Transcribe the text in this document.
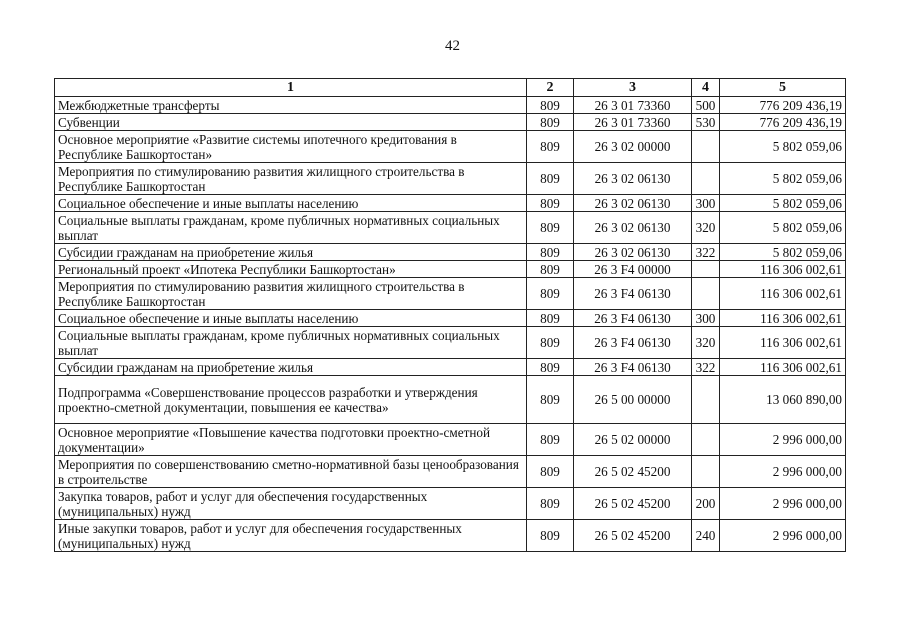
42
1	2	3	4	5
Межбюджетные трансферты	809	26 3 01 73360	500	776 209 436,19
Субвенции	809	26 3 01 73360	530	776 209 436,19
Основное мероприятие «Развитие системы ипотечного кредитования в Республике Башкортостан»	809	26 3 02 00000		5 802 059,06
Мероприятия по стимулированию развития жилищного строительства в Республике Башкортостан	809	26 3 02 06130		5 802 059,06
Социальное обеспечение и иные выплаты населению	809	26 3 02 06130	300	5 802 059,06
Социальные выплаты гражданам, кроме публичных нормативных социальных выплат	809	26 3 02 06130	320	5 802 059,06
Субсидии гражданам на приобретение жилья	809	26 3 02 06130	322	5 802 059,06
Региональный проект «Ипотека Республики Башкортостан»	809	26 3 F4 00000		116 306 002,61
Мероприятия по стимулированию развития жилищного строительства в Республике Башкортостан	809	26 3 F4 06130		116 306 002,61
Социальное обеспечение и иные выплаты населению	809	26 3 F4 06130	300	116 306 002,61
Социальные выплаты гражданам, кроме публичных нормативных социальных выплат	809	26 3 F4 06130	320	116 306 002,61
Субсидии гражданам на приобретение жилья	809	26 3 F4 06130	322	116 306 002,61
Подпрограмма «Совершенствование процессов разработки и утверждения проектно-сметной документации, повышения ее качества»	809	26 5 00 00000		13 060 890,00
Основное мероприятие «Повышение качества подготовки проектно-сметной документации»	809	26 5 02 00000		2 996 000,00
Мероприятия по совершенствованию сметно-нормативной базы ценообразования в строительстве	809	26 5 02 45200		2 996 000,00
Закупка товаров, работ и услуг для обеспечения государственных (муниципальных) нужд	809	26 5 02 45200	200	2 996 000,00
Иные закупки товаров, работ и услуг для обеспечения государственных (муниципальных) нужд	809	26 5 02 45200	240	2 996 000,00
